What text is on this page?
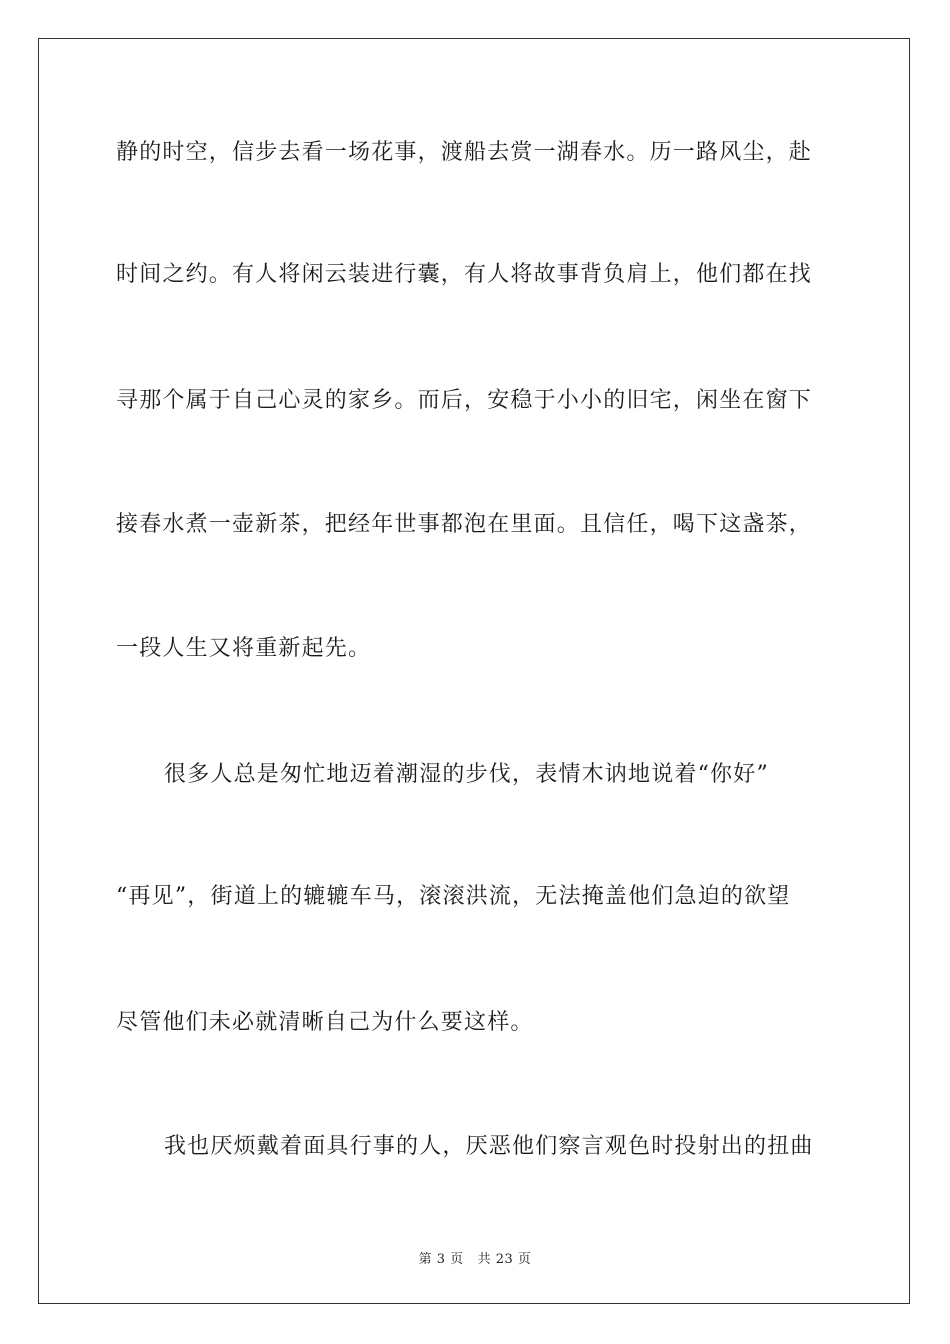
静的时空，信步去看一场花事，渡船去赏一湖春水。历一路风尘，赴
时间之约。有人将闲云装进行囊，有人将故事背负肩上，他们都在找
寻那个属于自己心灵的家乡。而后，安稳于小小的旧宅，闲坐在窗下
接春水煮一壶新茶，把经年世事都泡在里面。且信任，喝下这盏茶，
一段人生又将重新起先。
很多人总是匆忙地迈着潮湿的步伐，表情木讷地说着“你好”
“再见”，街道上的辘辘车马，滚滚洪流，无法掩盖他们急迫的欲望
尽管他们未必就清晰自己为什么要这样。
我也厌烦戴着面具行事的人，厌恶他们察言观色时投射出的扭曲
第 3 页 共 23 页
